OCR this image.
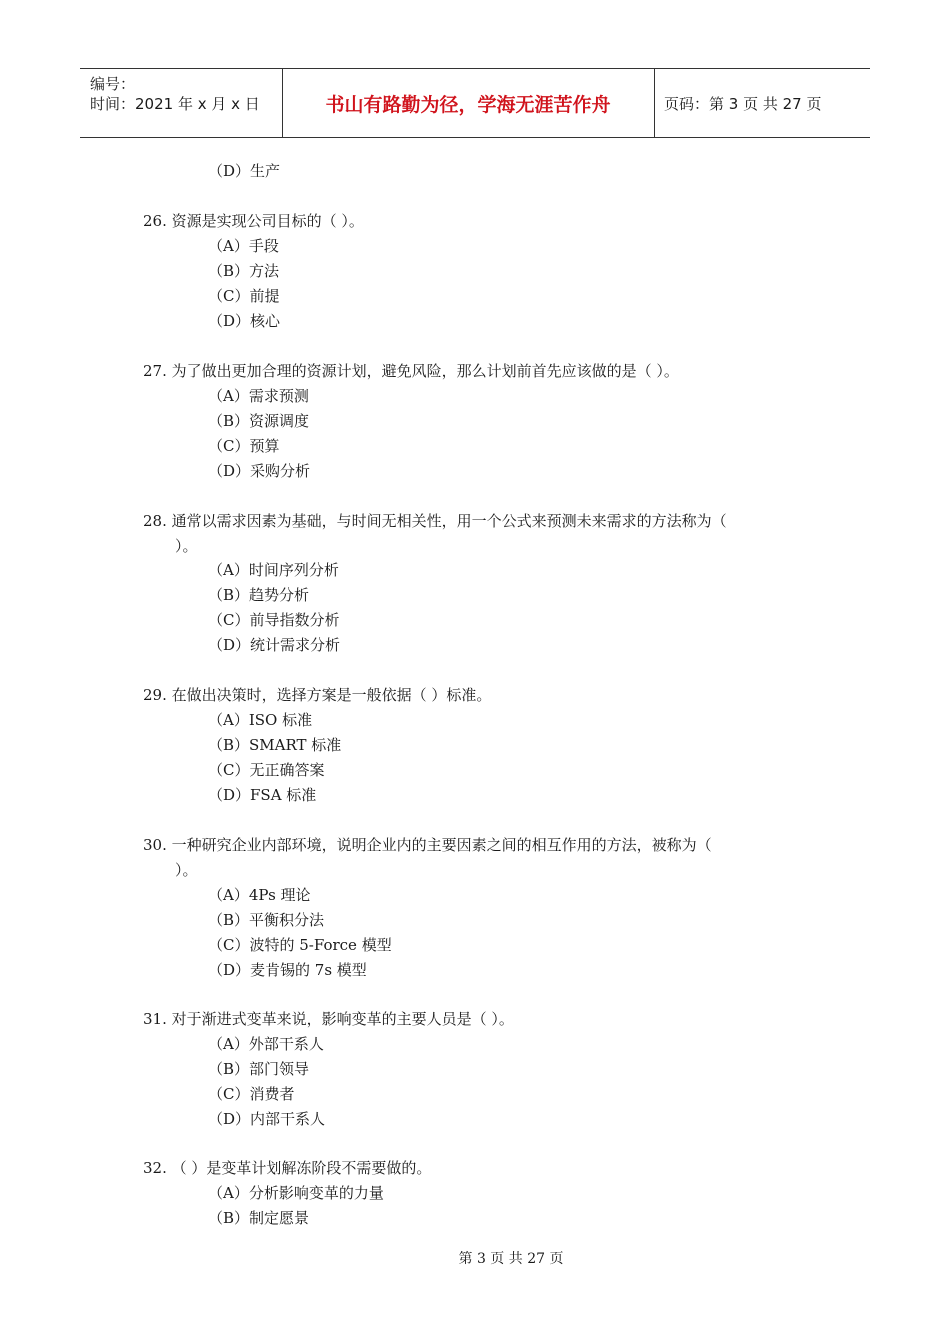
编号：
时间：2021 年 x 月 x 日	书山有路勤为径，学海无涯苦作舟	页码：第 3 页 共 27 页
（D）生产
26. 资源是实现公司目标的（ ）。
（A）手段
（B）方法
（C）前提
（D）核心
27. 为了做出更加合理的资源计划，避免风险，那么计划前首先应该做的是（ ）。
（A）需求预测
（B）资源调度
（C）预算
（D）采购分析
28. 通常以需求因素为基础，与时间无相关性，用一个公式来预测未来需求的方法称为（
）。
（A）时间序列分析
（B）趋势分析
（C）前导指数分析
（D）统计需求分析
29. 在做出决策时，选择方案是一般依据（ ）标准。
（A）ISO 标准
（B）SMART 标准
（C）无正确答案
（D）FSA 标准
30. 一种研究企业内部环境，说明企业内的主要因素之间的相互作用的方法，被称为（
）。
（A）4Ps 理论
（B）平衡积分法
（C）波特的 5-Force 模型
（D）麦肯锡的 7s 模型
31. 对于渐进式变革来说，影响变革的主要人员是（ ）。
（A）外部干系人
（B）部门领导
（C）消费者
（D）内部干系人
32. （ ）是变革计划解冻阶段不需要做的。
（A）分析影响变革的力量
（B）制定愿景
第 3 页 共 27 页
